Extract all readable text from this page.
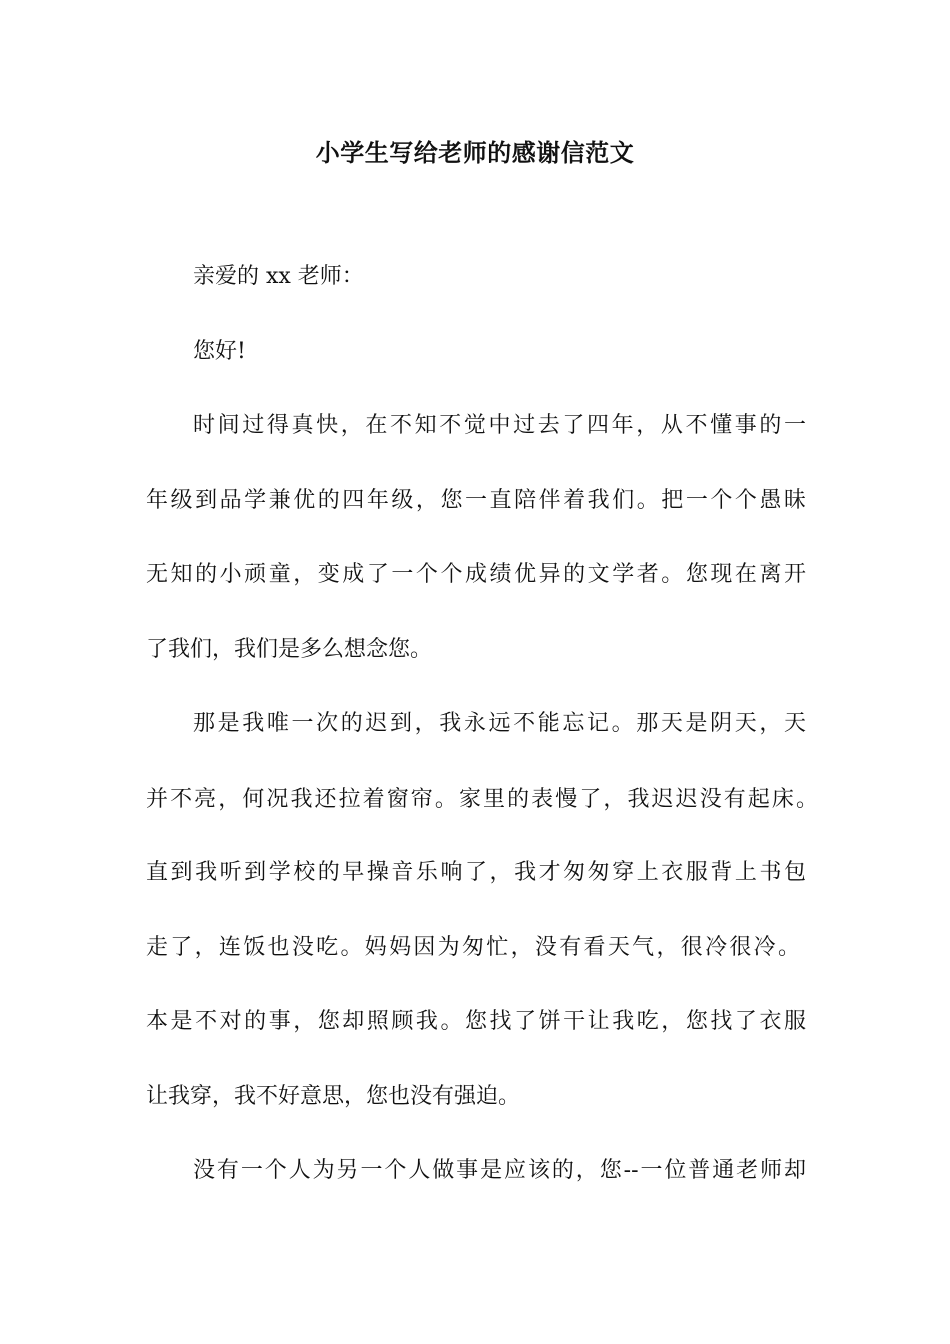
小学生写给老师的感谢信范文
亲爱的 xx 老师：
您好!
时间过得真快，在不知不觉中过去了四年，从不懂事的一
年级到品学兼优的四年级，您一直陪伴着我们。把一个个愚昧
无知的小顽童，变成了一个个成绩优异的文学者。您现在离开
了我们，我们是多么想念您。
那是我唯一次的迟到，我永远不能忘记。那天是阴天，天
并不亮，何况我还拉着窗帘。家里的表慢了，我迟迟没有起床。
直到我听到学校的早操音乐响了，我才匆匆穿上衣服背上书包
走了，连饭也没吃。妈妈因为匆忙，没有看天气，很冷很冷。
本是不对的事，您却照顾我。您找了饼干让我吃，您找了衣服
让我穿，我不好意思，您也没有强迫。
没有一个人为另一个人做事是应该的，您--一位普通老师却
